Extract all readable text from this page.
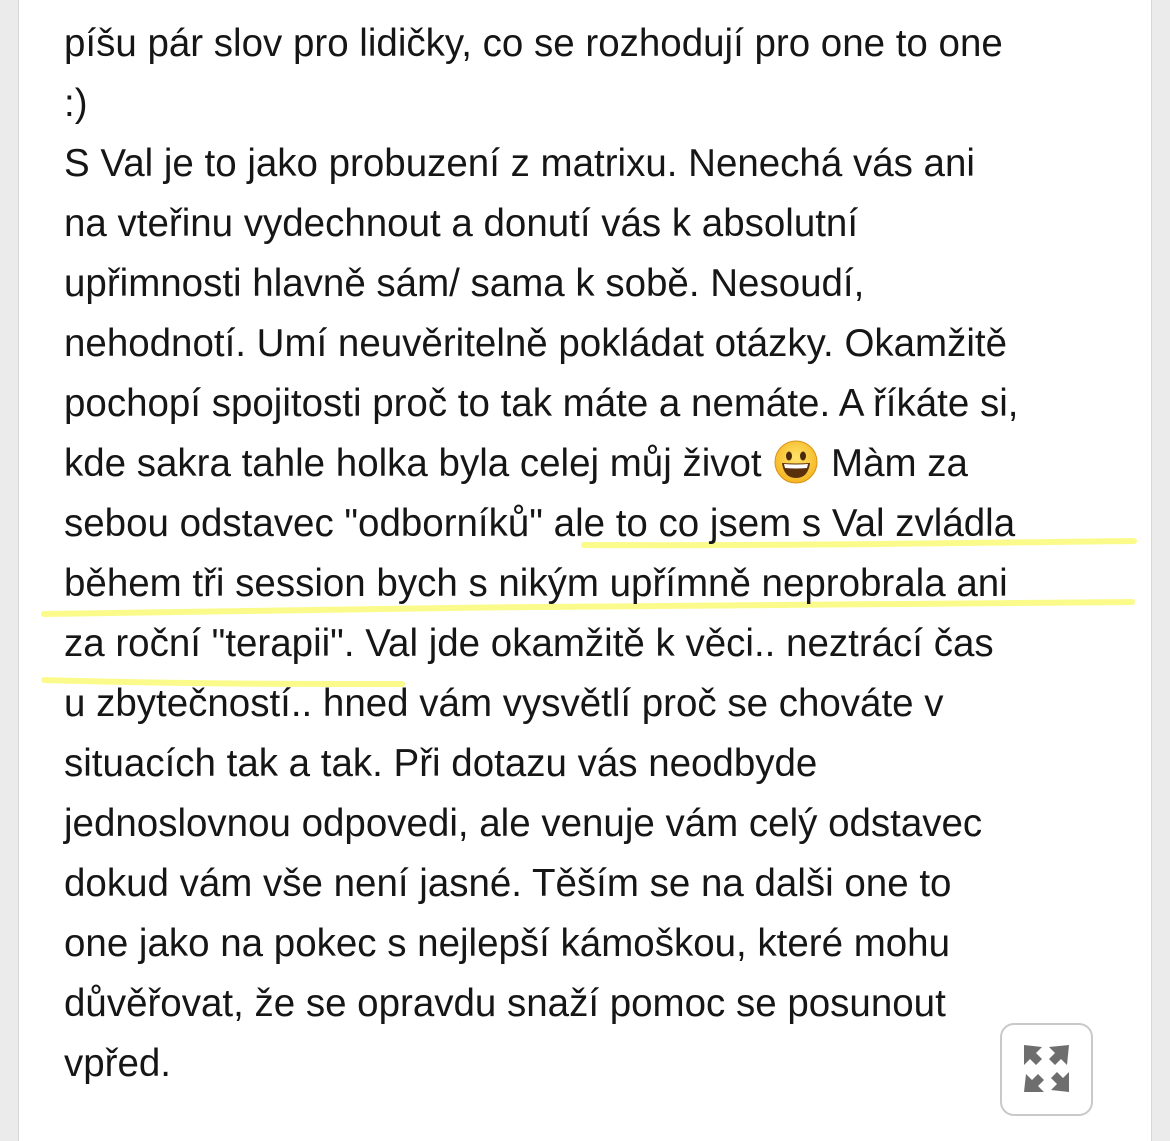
píšu pár slov pro lidičky, co se rozhodují pro one to one
:)
S Val je to jako probuzení z matrixu. Nenechá vás ani
na vteřinu vydechnout a donutí vás k absolutní
upřimnosti hlavně sám/ sama k sobě. Nesoudí,
nehodnotí. Umí neuvěritelně pokládat otázky. Okamžitě
pochopí spojitosti proč to tak máte a nemáte. A říkáte si,
kde sakra tahle holka byla celej můj život Màm za
sebou odstavec "odborníků" ale to co jsem s Val zvládla
během tři session bych s nikým upřímně neprobrala ani
za roční "terapii". Val jde okamžitě k věci.. neztrácí čas
u zbytečností.. hned vám vysvětlí proč se chováte v
situacích tak a tak. Při dotazu vás neodbyde
jednoslovnou odpovedi, ale venuje vám celý odstavec
dokud vám vše není jasné. Těším se na dalši one to
one jako na pokec s nejlepší kámoškou, které mohu
důvěřovat, že se opravdu snaží pomoc se posunout
vpřed.
